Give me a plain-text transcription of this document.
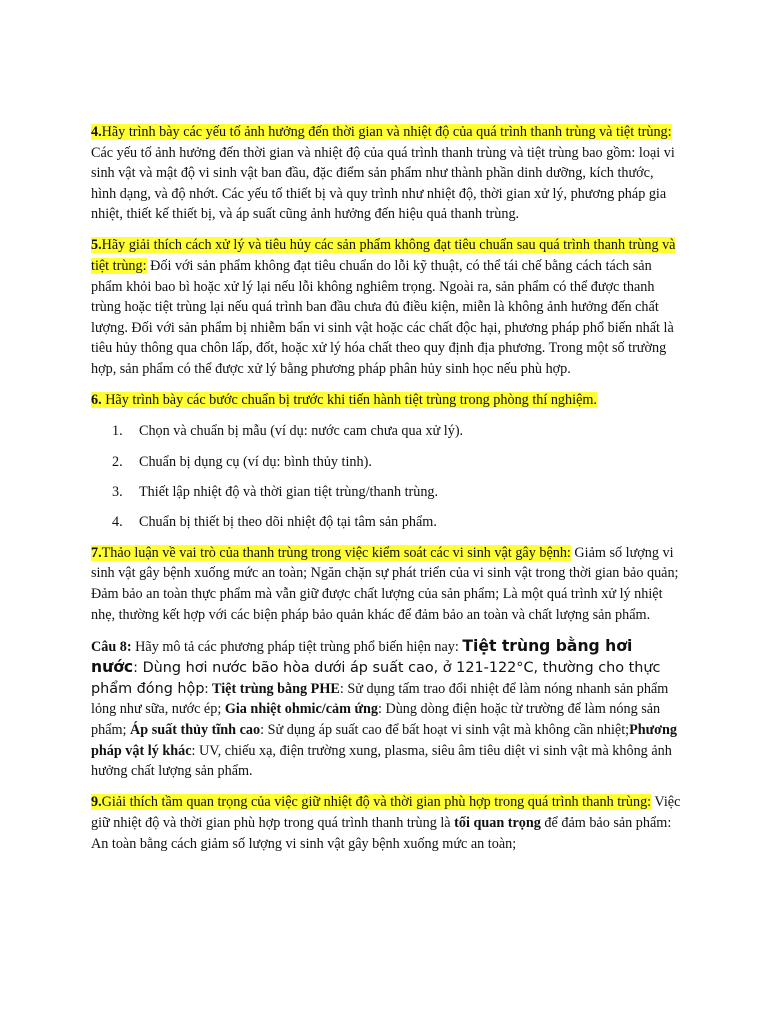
4.Hãy trình bày các yếu tố ảnh hưởng đến thời gian và nhiệt độ của quá trình thanh trùng và tiệt trùng: Các yếu tố ảnh hưởng đến thời gian và nhiệt độ của quá trình thanh trùng và tiệt trùng bao gồm: loại vi sinh vật và mật độ vi sinh vật ban đầu, đặc điểm sản phẩm như thành phần dinh dưỡng, kích thước, hình dạng, và độ nhớt. Các yếu tố thiết bị và quy trình như nhiệt độ, thời gian xử lý, phương pháp gia nhiệt, thiết kế thiết bị, và áp suất cũng ảnh hưởng đến hiệu quả thanh trùng.

5.Hãy giải thích cách xử lý và tiêu hủy các sản phẩm không đạt tiêu chuẩn sau quá trình thanh trùng và tiệt trùng: Đối với sản phẩm không đạt tiêu chuẩn do lỗi kỹ thuật, có thể tái chế bằng cách tách sản phẩm khỏi bao bì hoặc xử lý lại nếu lỗi không nghiêm trọng. Ngoài ra, sản phẩm có thể được thanh trùng hoặc tiệt trùng lại nếu quá trình ban đầu chưa đủ điều kiện, miễn là không ảnh hưởng đến chất lượng. Đối với sản phẩm bị nhiễm bẩn vi sinh vật hoặc các chất độc hại, phương pháp phổ biến nhất là tiêu hủy thông qua chôn lấp, đốt, hoặc xử lý hóa chất theo quy định địa phương. Trong một số trường hợp, sản phẩm có thể được xử lý bằng phương pháp phân hủy sinh học nếu phù hợp.

6. Hãy trình bày các bước chuẩn bị trước khi tiến hành tiệt trùng trong phòng thí nghiệm.

1. Chọn và chuẩn bị mẫu (ví dụ: nước cam chưa qua xử lý).
2. Chuẩn bị dụng cụ (ví dụ: bình thủy tinh).
3. Thiết lập nhiệt độ và thời gian tiệt trùng/thanh trùng.
4. Chuẩn bị thiết bị theo dõi nhiệt độ tại tâm sản phẩm.

7.Thảo luận về vai trò của thanh trùng trong việc kiểm soát các vi sinh vật gây bệnh: Giảm số lượng vi sinh vật gây bệnh xuống mức an toàn; Ngăn chặn sự phát triển của vi sinh vật trong thời gian bảo quản; Đảm bảo an toàn thực phẩm mà vẫn giữ được chất lượng của sản phẩm; Là một quá trình xử lý nhiệt nhẹ, thường kết hợp với các biện pháp bảo quản khác để đảm bảo an toàn và chất lượng sản phẩm.

Câu 8: Hãy mô tả các phương pháp tiệt trùng phổ biến hiện nay: Tiệt trùng bằng hơi nước: Dùng hơi nước bão hòa dưới áp suất cao, ở 121-122°C, thường cho thực phẩm đóng hộp: Tiệt trùng bằng PHE: Sử dụng tấm trao đổi nhiệt để làm nóng nhanh sản phẩm lỏng như sữa, nước ép; Gia nhiệt ohmic/cảm ứng: Dùng dòng điện hoặc từ trường để làm nóng sản phẩm; Áp suất thủy tĩnh cao: Sử dụng áp suất cao để bất hoạt vi sinh vật mà không cần nhiệt;Phương pháp vật lý khác: UV, chiếu xạ, điện trường xung, plasma, siêu âm tiêu diệt vi sinh vật mà không ảnh hưởng chất lượng sản phẩm.

9.Giải thích tầm quan trọng của việc giữ nhiệt độ và thời gian phù hợp trong quá trình thanh trùng: Việc giữ nhiệt độ và thời gian phù hợp trong quá trình thanh trùng là tối quan trọng để đảm bảo sản phẩm: An toàn bằng cách giảm số lượng vi sinh vật gây bệnh xuống mức an toàn;
